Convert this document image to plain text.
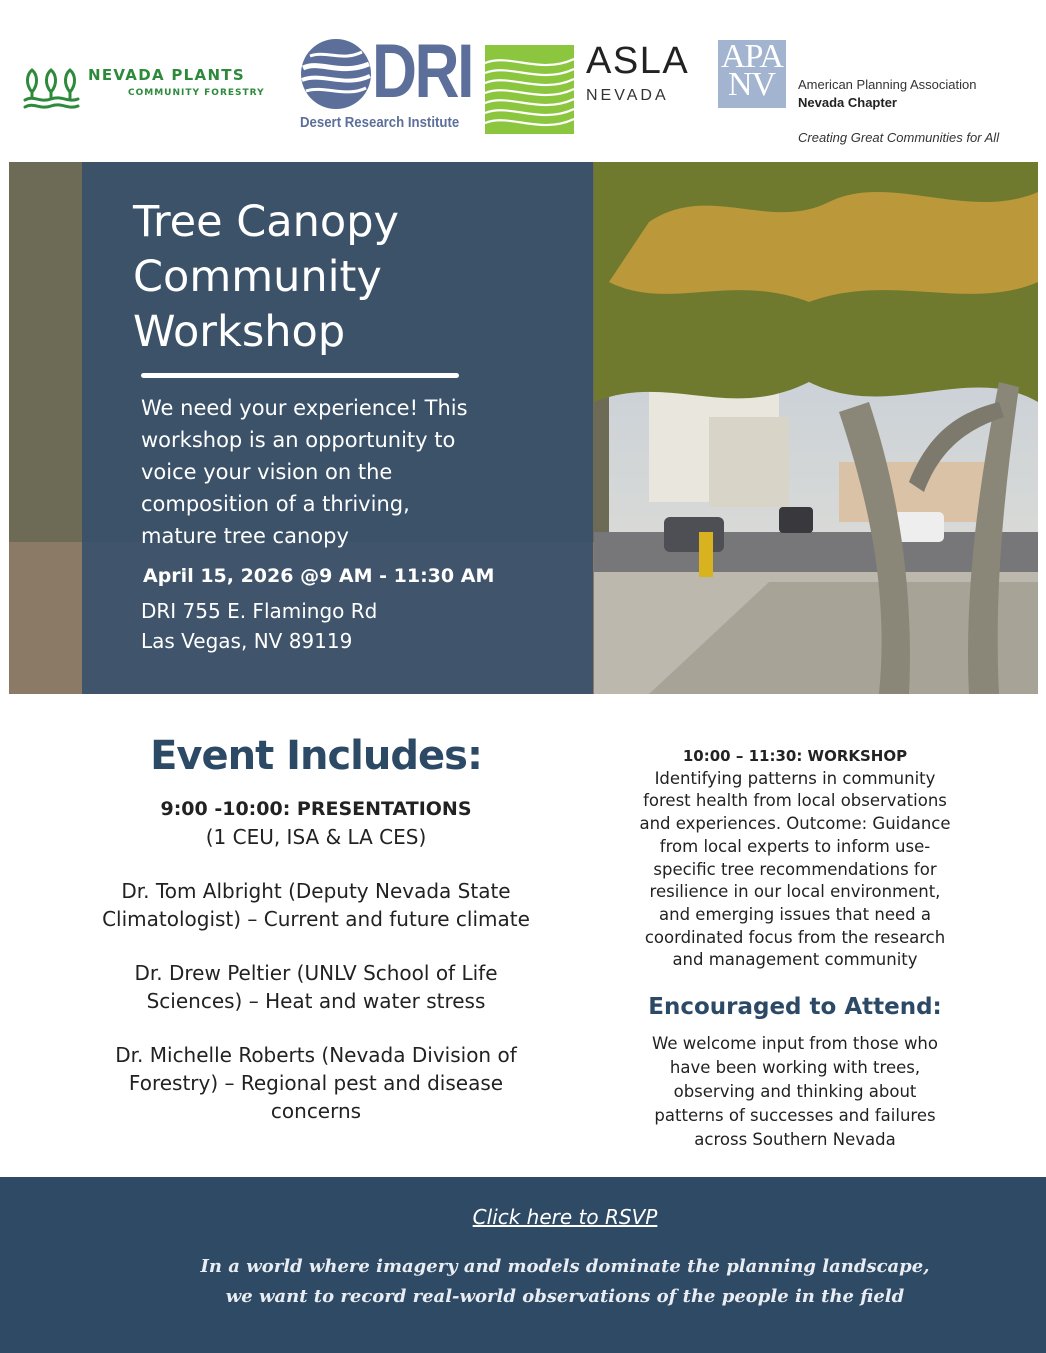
NEVADA PLANTS
COMMUNITY FORESTRY DRI
Desert Research Institute
ASLA
NEVADA
APA
NV American Planning Association
Nevada Chapter
Creating Great Communities for All
Tree Canopy
Community
Workshop
We need your experience! This
workshop is an opportunity to
voice your vision on the
composition of a thriving,
mature tree canopy
April 15, 2026 @9 AM - 11:30 AM
DRI 755 E. Flamingo Rd
Las Vegas, NV 89119
Event Includes:
9:00 -10:00: PRESENTATIONS

(1 CEU, ISA & LA CES)

Dr. Tom Albright (Deputy Nevada State
Climatologist) – Current and future climate

Dr. Drew Peltier (UNLV School of Life
Sciences) – Heat and water stress

Dr. Michelle Roberts (Nevada Division of
Forestry) – Regional pest and disease
concerns

10:00 – 11:30: WORKSHOP
Identifying patterns in community
forest health from local observations
and experiences. Outcome: Guidance
from local experts to inform use-
specific tree recommendations for
resilience in our local environment,
and emerging issues that need a
coordinated focus from the research
and management community
Encouraged to Attend:
We welcome input from those who
have been working with trees,
observing and thinking about
patterns of successes and failures
across Southern Nevada
Click here to RSVP
In a world where imagery and models dominate the planning landscape,
we want to record real-world observations of the people in the field
